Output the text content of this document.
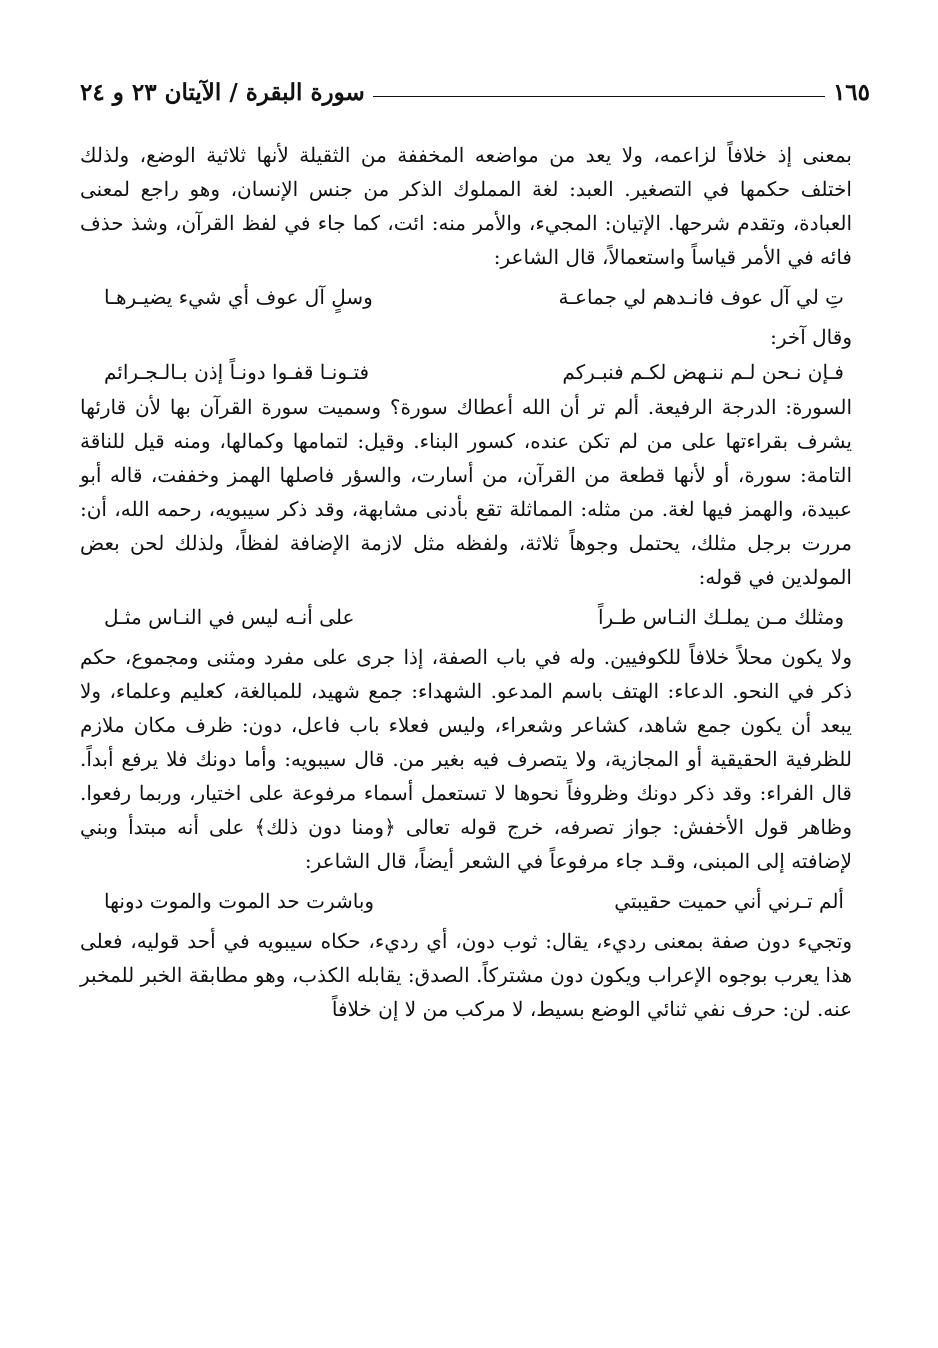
سورة البقرة / الآيتان ٢٣ و ٢٤	١٦٥

بمعنى إذ خلافاً لزاعمه، ولا يعد من مواضعه المخففة من الثقيلة لأنها ثلاثية الوضع، ولذلك اختلف حكمها في التصغير. العبد: لغة المملوك الذكر من جنس الإنسان، وهو راجع لمعنى العبادة، وتقدم شرحها. الإتيان: المجيء، والأمر منه: ائت، كما جاء في لفظ القرآن، وشذ حذف فائه في الأمر قياساً واستعمالاً، قال الشاعر:

تِ لي آل عوف فانـدهم لي جماعـة
وسلٍ آل عوف أي شيء يضيـرهـا
وقال آخر:
فـإن نـحن لـم ننـهض لكـم فنبـركم
فتـونـا قفـوا دونـاً إذن بـالـجـرائم

السورة: الدرجة الرفيعة. ألم تر أن الله أعطاك سورة؟ وسميت سورة القرآن بها لأن قارئها يشرف بقراءتها على من لم تكن عنده، كسور البناء. وقيل: لتمامها وكمالها، ومنه قيل للناقة التامة: سورة، أو لأنها قطعة من القرآن، من أسارت، والسؤر فاصلها الهمز وخففت، قاله أبو عبيدة، والهمز فيها لغة. من مثله: المماثلة تقع بأدنى مشابهة، وقد ذكر سيبويه، رحمه الله، أن: مررت برجل مثلك، يحتمل وجوهاً ثلاثة، ولفظه مثل لازمة الإضافة لفظاً، ولذلك لحن بعض المولدين في قوله:

ومثلك مـن يملـك النـاس طـراً
على أنـه ليس في النـاس مثـل

ولا يكون محلاً خلافاً للكوفيين. وله في باب الصفة، إذا جرى على مفرد ومثنى ومجموع، حكم ذكر في النحو. الدعاء: الهتف باسم المدعو. الشهداء: جمع شهيد، للمبالغة، كعليم وعلماء، ولا يبعد أن يكون جمع شاهد، كشاعر وشعراء، وليس فعلاء باب فاعل، دون: ظرف مكان ملازم للظرفية الحقيقية أو المجازية، ولا يتصرف فيه بغير من. قال سيبويه: وأما دونك فلا يرفع أبداً. قال الفراء: وقد ذكر دونك وظروفاً نحوها لا تستعمل أسماء مرفوعة على اختيار، وربما رفعوا. وظاهر قول الأخفش: جواز تصرفه، خرج قوله تعالى ﴿ومنا دون ذلك﴾ على أنه مبتدأ وبني لإضافته إلى المبنى، وقـد جاء مرفوعاً في الشعر أيضاً، قال الشاعر:

ألم تـرني أني حميت حقيبتي
وباشرت حد الموت والموت دونها

وتجيء دون صفة بمعنى رديء، يقال: ثوب دون، أي رديء، حكاه سيبويه في أحد قوليه، فعلى هذا يعرب بوجوه الإعراب ويكون دون مشتركاً. الصدق: يقابله الكذب، وهو مطابقة الخبر للمخبر عنه. لن: حرف نفي ثنائي الوضع بسيط، لا مركب من لا إن خلافاً
